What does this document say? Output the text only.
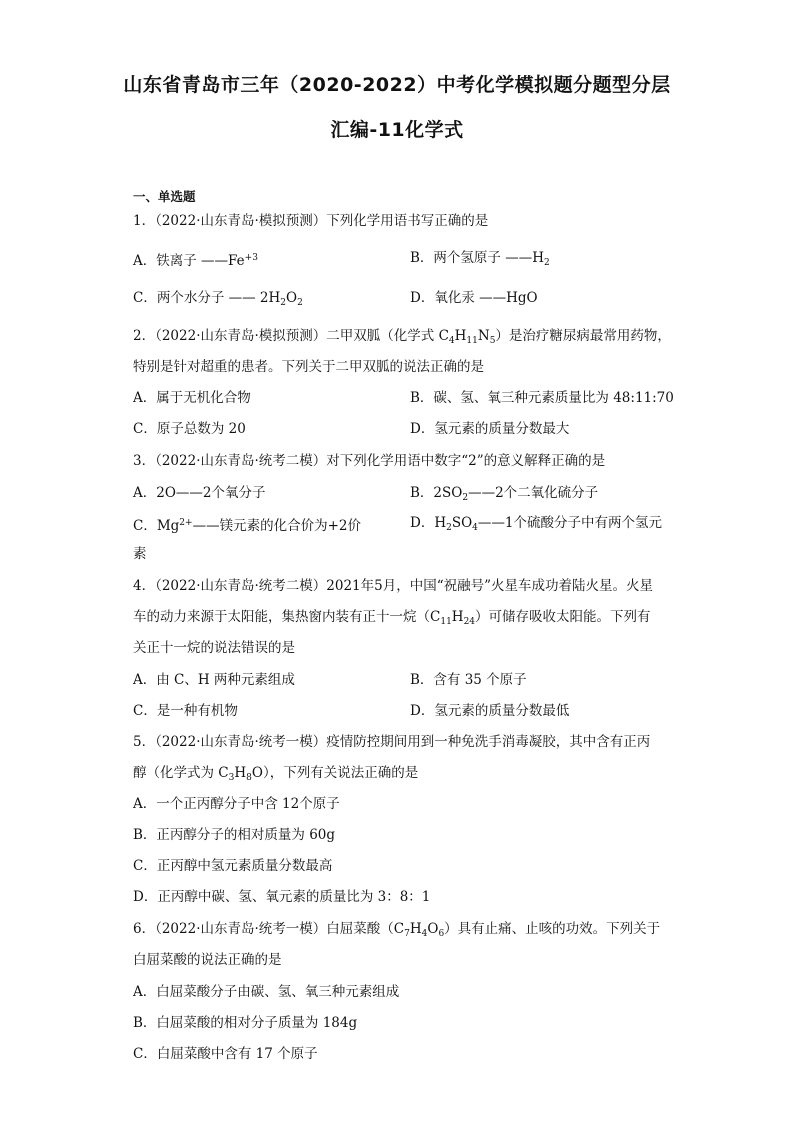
山东省青岛市三年（2020-2022）中考化学模拟题分题型分层
汇编-11化学式
一、单选题
1．（2022·山东青岛·模拟预测）下列化学用语书写正确的是
A．铁离子 $——Fe^{+3}$	B．两个氢原子 $——H_2$
C．两个水分子 —— $2H_2O_2$	D．氧化汞 ——HgO
2．（2022·山东青岛·模拟预测）二甲双胍（化学式 $C_4H_{11}N_5$）是治疗糖尿病最常用药物，
特别是针对超重的患者。下列关于二甲双胍的说法正确的是
A．属于无机化合物	B．碳、氢、氧三种元素质量比为 48:11:70
C．原子总数为 20	D．氢元素的质量分数最大
3．（2022·山东青岛·统考二模）对下列化学用语中数字“2”的意义解释正确的是
A．2O——2个氧分子	B．$2SO_2——2$个二氧化硫分子
C．$Mg^{2+}——$镁元素的化合价为+2价	D．$H_2SO_4——1$个硫酸分子中有两个氢元
素
4．（2022·山东青岛·统考二模）2021年5月，中国“祝融号”火星车成功着陆火星。火星
车的动力来源于太阳能，集热窗内装有正十一烷$(C_{11}H_{24})$可储存吸收太阳能。下列有
关正十一烷的说法错误的是
A．由 C、H 两种元素组成	B．含有 35 个原子
C．是一种有机物	D．氢元素的质量分数最低
5．（2022·山东青岛·统考一模）疫情防控期间用到一种免洗手消毒凝胶，其中含有正丙
醇（化学式为 $C_3H_8O$），下列有关说法正确的是
A．一个正丙醇分子中含 12个原子
B．正丙醇分子的相对质量为 60g
C．正丙醇中氢元素质量分数最高
D．正丙醇中碳、氢、氧元素的质量比为 3：8：1
6．（2022·山东青岛·统考一模）白屈菜酸$(C_7H_4O_6)$具有止痛、止咳的功效。下列关于
白屈菜酸的说法正确的是
A．白屈菜酸分子由碳、氢、氧三种元素组成
B．白屈菜酸的相对分子质量为 184g
C．白屈菜酸中含有 17 个原子
